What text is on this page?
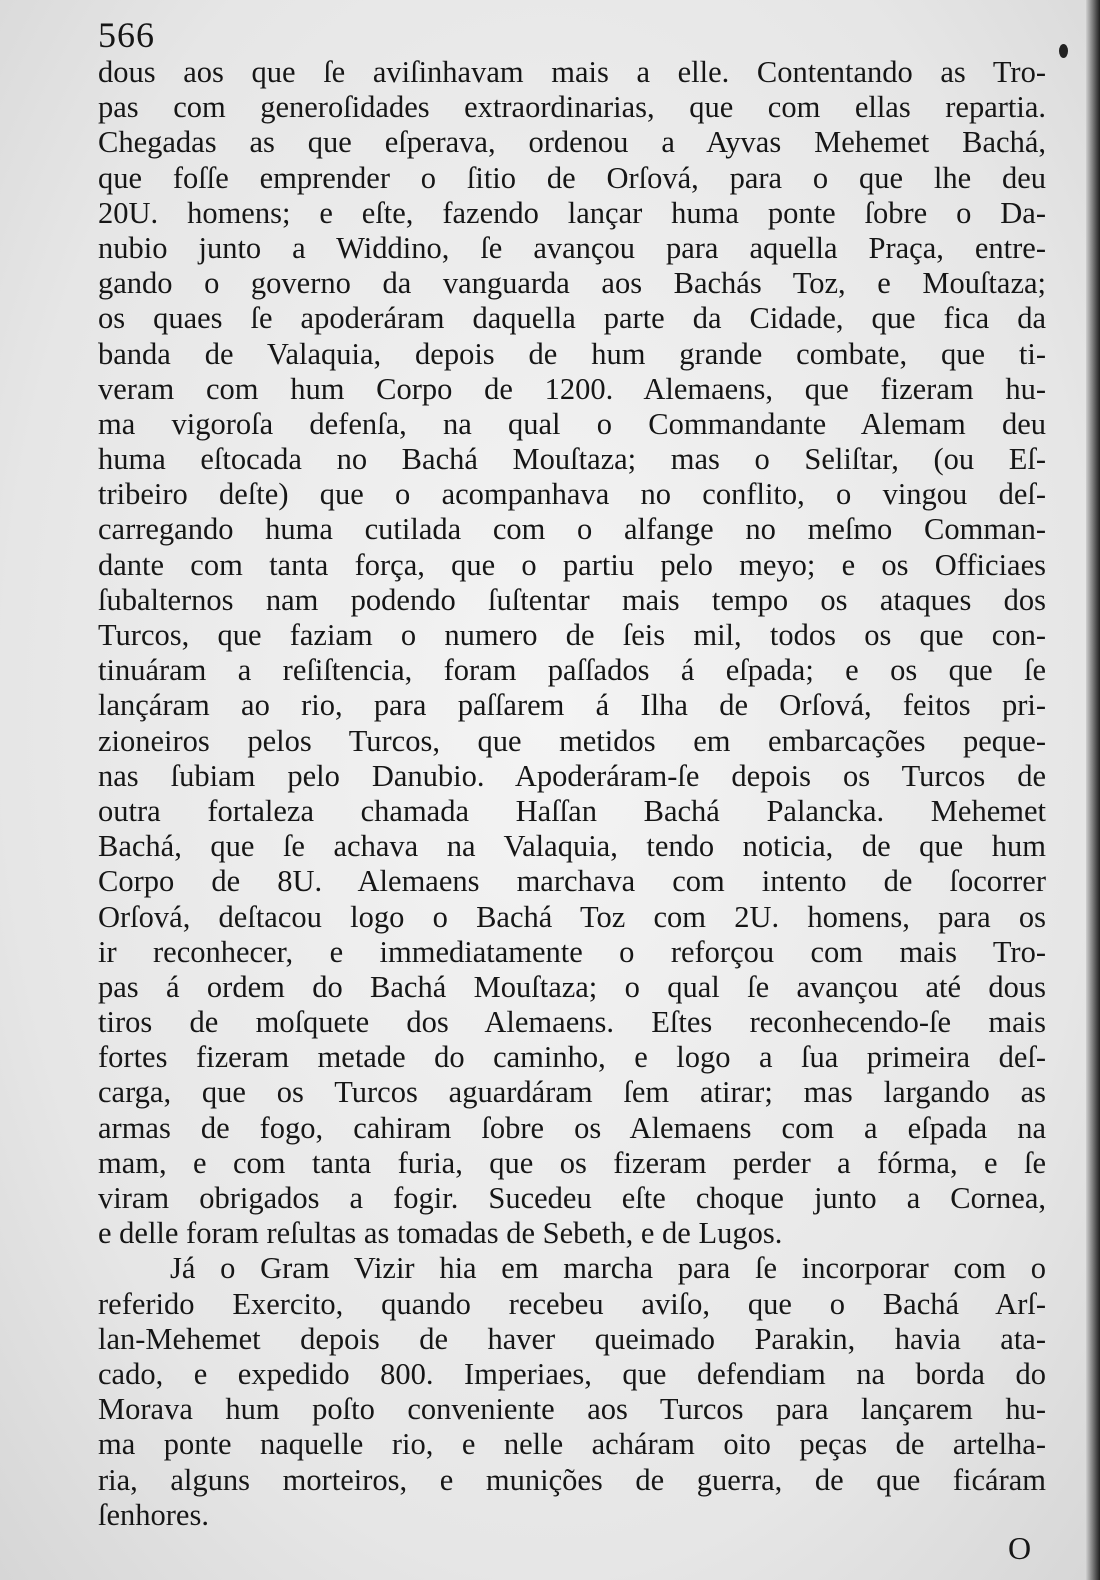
566
dous aos que ſe aviſinhavam mais a elle. Contentando as Tro-
pas com generoſidades extraordinarias, que com ellas repartia.
Chegadas as que eſperava, ordenou a Ayvas Mehemet Bachá,
que foſſe emprender o ſitio de Orſová, para o que lhe deu
20U. homens; e eſte, fazendo lançar huma ponte ſobre o Da-
nubio junto a Widdino, ſe avançou para aquella Praça, entre-
gando o governo da vanguarda aos Bachás Toz, e Mouſtaza;
os quaes ſe apoderáram daquella parte da Cidade, que fica da
banda de Valaquia, depois de hum grande combate, que ti-
veram com hum Corpo de 1200. Alemaens, que fizeram hu-
ma vigoroſa defenſa, na qual o Commandante Alemam deu
huma eſtocada no Bachá Mouſtaza; mas o Seliſtar, (ou Eſ-
tribeiro deſte) que o acompanhava no conflito, o vingou deſ-
carregando huma cutilada com o alfange no meſmo Comman-
dante com tanta força, que o partiu pelo meyo; e os Officiaes
ſubalternos nam podendo ſuſtentar mais tempo os ataques dos
Turcos, que faziam o numero de ſeis mil, todos os que con-
tinuáram a reſiſtencia, foram paſſados á eſpada; e os que ſe
lançáram ao rio, para paſſarem á Ilha de Orſová, feitos pri-
zioneiros pelos Turcos, que metidos em embarcações peque-
nas ſubiam pelo Danubio. Apoderáram-ſe depois os Turcos de
outra fortaleza chamada Haſſan Bachá Palancka. Mehemet
Bachá, que ſe achava na Valaquia, tendo noticia, de que hum
Corpo de 8U. Alemaens marchava com intento de ſocorrer
Orſová, deſtacou logo o Bachá Toz com 2U. homens, para os
ir reconhecer, e immediatamente o reforçou com mais Tro-
pas á ordem do Bachá Mouſtaza; o qual ſe avançou até dous
tiros de moſquete dos Alemaens. Eſtes reconhecendo-ſe mais
fortes fizeram metade do caminho, e logo a ſua primeira deſ-
carga, que os Turcos aguardáram ſem atirar; mas largando as
armas de fogo, cahiram ſobre os Alemaens com a eſpada na
mam, e com tanta furia, que os fizeram perder a fórma, e ſe
viram obrigados a fogir. Sucedeu eſte choque junto a Cornea,
e delle foram reſultas as tomadas de Sebeth, e de Lugos.
Já o Gram Vizir hia em marcha para ſe incorporar com o
referido Exercito, quando recebeu aviſo, que o Bachá Arſ-
lan-Mehemet depois de haver queimado Parakin, havia ata-
cado, e expedido 800. Imperiaes, que defendiam na borda do
Morava hum poſto conveniente aos Turcos para lançarem hu-
ma ponte naquelle rio, e nelle acháram oito peças de artelha-
ria, alguns morteiros, e munições de guerra, de que ficáram
ſenhores.
O
